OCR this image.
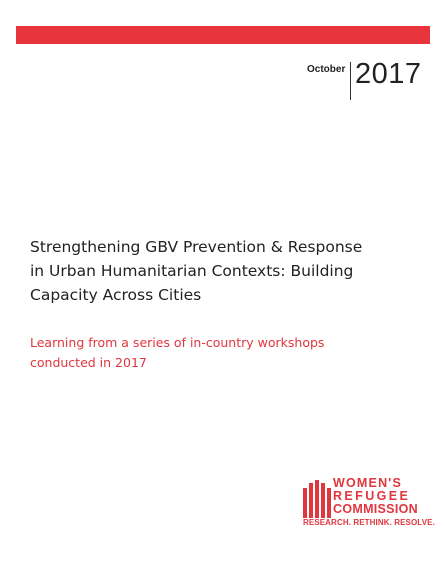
October 2017
Strengthening GBV Prevention & Response
in Urban Humanitarian Contexts: Building
Capacity Across Cities
Learning from a series of in-country workshops
conducted in 2017
WOMEN'S
REFUGEE
COMMISSION
RESEARCH. RETHINK. RESOLVE.
